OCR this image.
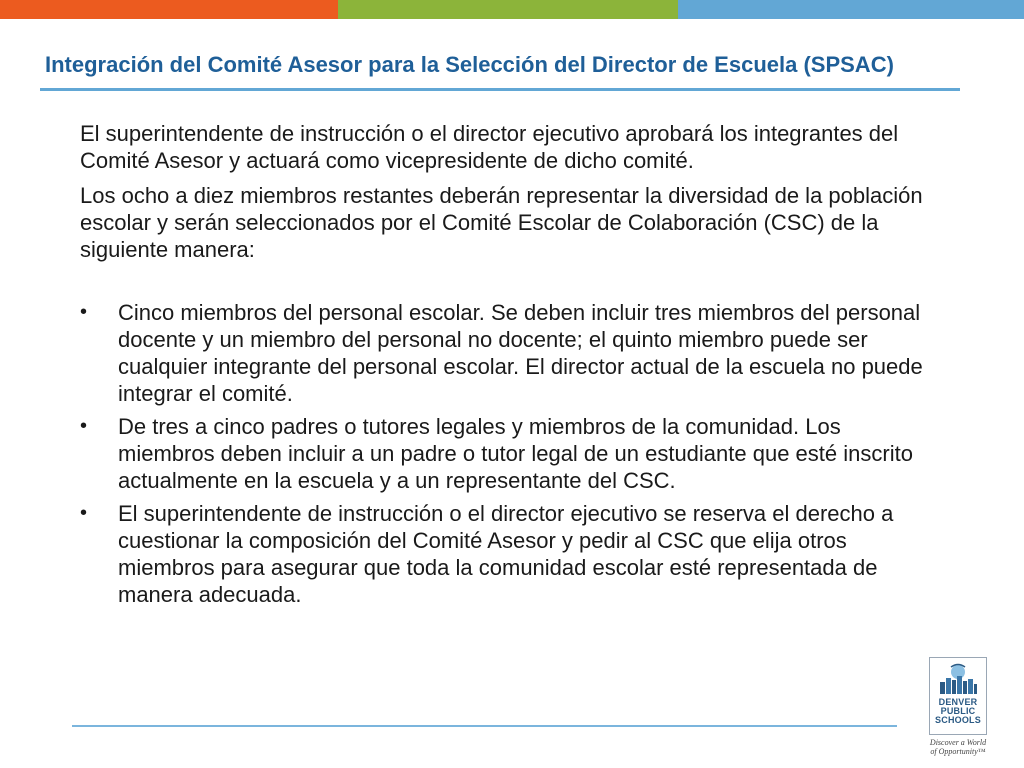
Integración del Comité Asesor para la Selección del Director de Escuela (SPSAC)

El superintendente de instrucción o el director ejecutivo aprobará los integrantes del Comité Asesor y actuará como vicepresidente de dicho comité.

Los ocho a diez miembros restantes deberán representar la diversidad de la población escolar y serán seleccionados por el Comité Escolar de Colaboración (CSC) de la siguiente manera:

• Cinco miembros del personal escolar. Se deben incluir tres miembros del personal docente y un miembro del personal no docente; el quinto miembro puede ser cualquier integrante del personal escolar. El director actual de la escuela no puede integrar el comité.
• De tres a cinco padres o tutores legales y miembros de la comunidad. Los miembros deben incluir a un padre o tutor legal de un estudiante que esté inscrito actualmente en la escuela y a un representante del CSC.
• El superintendente de instrucción o el director ejecutivo se reserva el derecho a cuestionar la composición del Comité Asesor y pedir al CSC que elija otros miembros para asegurar que toda la comunidad escolar esté representada de manera adecuada.
DENVER
PUBLIC
SCHOOLS
Discover a World
of Opportunity™
